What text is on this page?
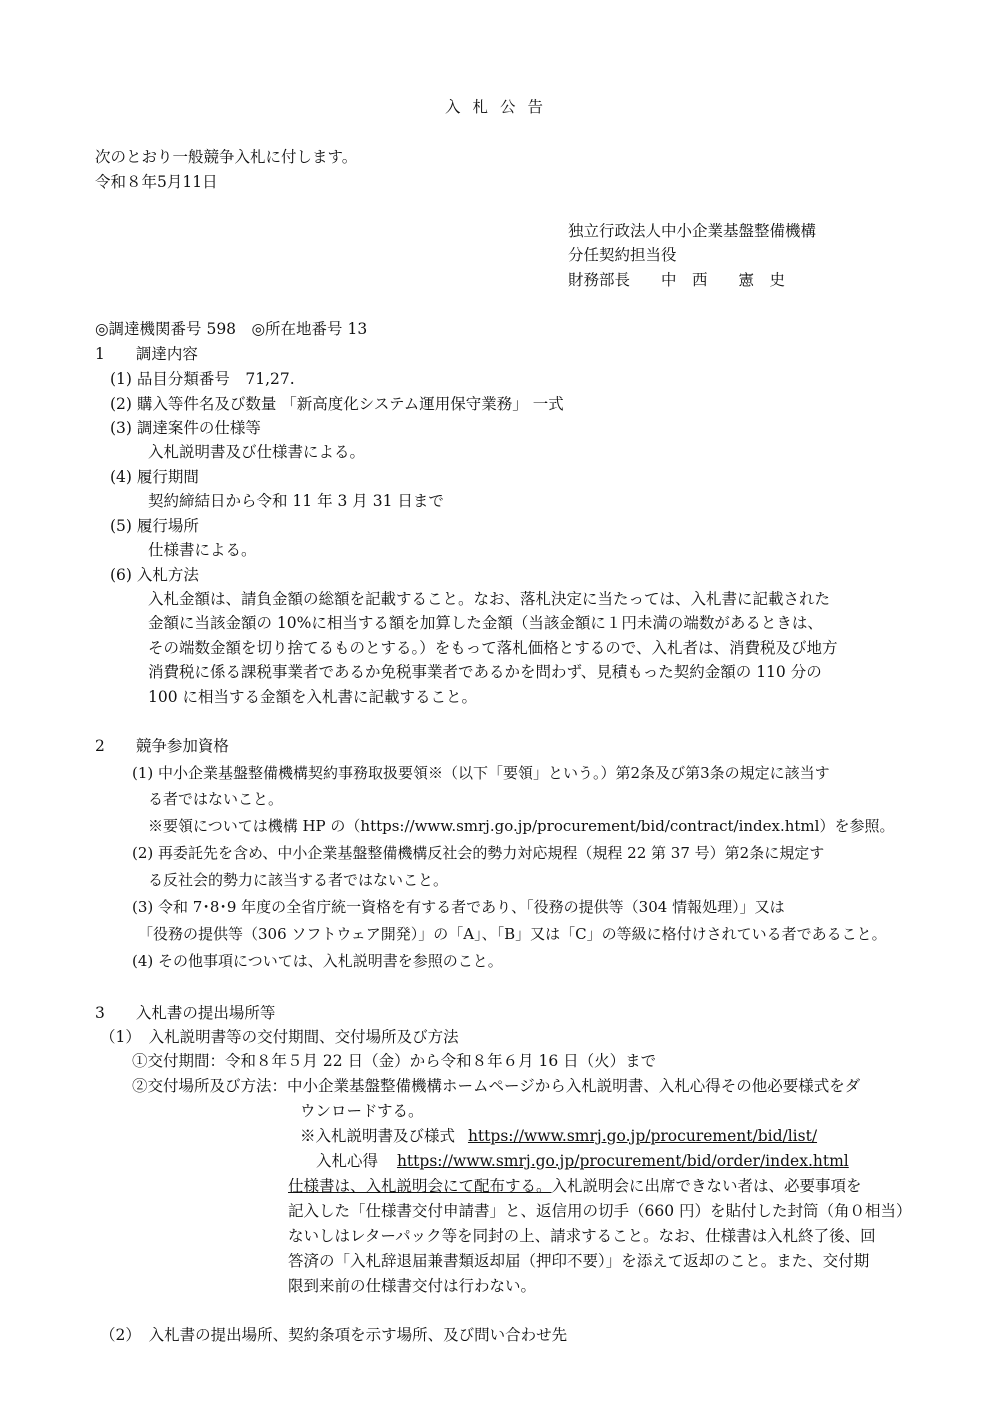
入札公告
次のとおり一般競争入札に付します。
令和８年5月11日
独立行政法人中小企業基盤整備機構
分任契約担当役
財務部長　　中　西　　憲　史
◎調達機関番号 598　◎所在地番号 13
1　　調達内容
(1) 品目分類番号　71,27.
(2) 購入等件名及び数量 「新高度化システム運用保守業務」 一式
(3) 調達案件の仕様等
入札説明書及び仕様書による。
(4) 履行期間
契約締結日から令和 11 年 3 月 31 日まで
(5) 履行場所
仕様書による。
(6) 入札方法
入札金額は、請負金額の総額を記載すること。なお、落札決定に当たっては、入札書に記載された
金額に当該金額の 10%に相当する額を加算した金額（当該金額に１円未満の端数があるときは、
その端数金額を切り捨てるものとする。）をもって落札価格とするので、入札者は、消費税及び地方
消費税に係る課税事業者であるか免税事業者であるかを問わず、見積もった契約金額の 110 分の
100 に相当する金額を入札書に記載すること。
2　　競争参加資格
(1) 中小企業基盤整備機構契約事務取扱要領※（以下「要領」という。）第2条及び第3条の規定に該当す
る者ではないこと。
※要領については機構 HP の（https://www.smrj.go.jp/procurement/bid/contract/index.html）を参照。
(2) 再委託先を含め、中小企業基盤整備機構反社会的勢力対応規程（規程 22 第 37 号）第2条に規定す
る反社会的勢力に該当する者ではないこと。
(3) 令和 7･8･9 年度の全省庁統一資格を有する者であり、「役務の提供等（304 情報処理）」又は
「役務の提供等（306 ソフトウェア開発）」の「A」、「B」又は「C」の等級に格付けされている者であること。
(4) その他事項については、入札説明書を参照のこと。
3　　入札書の提出場所等
（1）　入札説明書等の交付期間、交付場所及び方法
①交付期間：令和８年５月 22 日（金）から令和８年６月 16 日（火）まで
②交付場所及び方法：中小企業基盤整備機構ホームページから入札説明書、入札心得その他必要様式をダ
ウンロードする。
※入札説明書及び様式 https://www.smrj.go.jp/procurement/bid/list/
入札心得 https://www.smrj.go.jp/procurement/bid/order/index.html
仕様書は、入札説明会にて配布する。入札説明会に出席できない者は、必要事項を
記入した「仕様書交付申請書」と、返信用の切手（660 円）を貼付した封筒（角０相当）
ないしはレターパック等を同封の上、請求すること。なお、仕様書は入札終了後、回
答済の「入札辞退届兼書類返却届（押印不要）」を添えて返却のこと。また、交付期
限到来前の仕様書交付は行わない。
（2）　入札書の提出場所、契約条項を示す場所、及び問い合わせ先
